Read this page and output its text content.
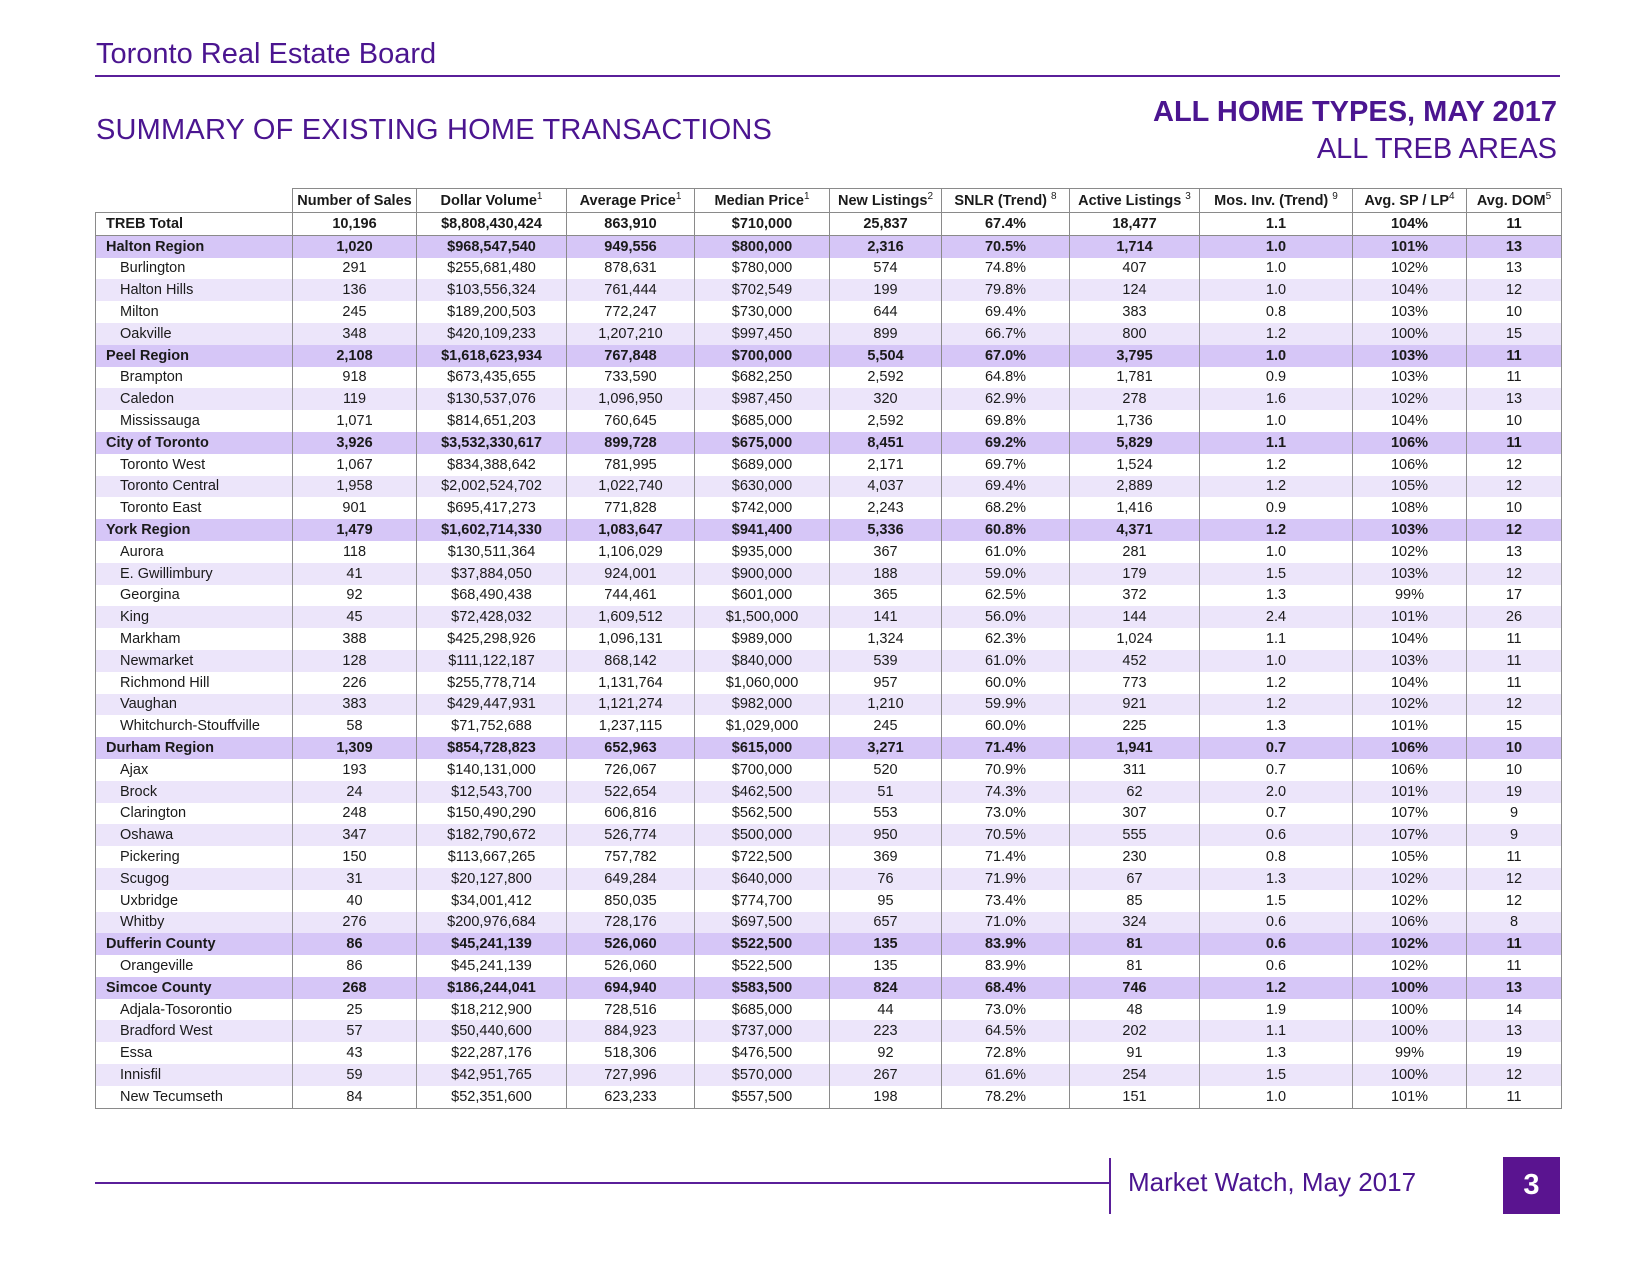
Toronto Real Estate Board
SUMMARY OF EXISTING HOME TRANSACTIONS
ALL HOME TYPES, MAY 2017
ALL TREB AREAS
	Number of Sales	Dollar Volume$^1$	Average Price$^1$	Median Price$^1$	New Listings$^2$	SNLR (Trend) $^8$	Active Listings $^3$	Mos. Inv. (Trend) $^9$	Avg. SP / $LP^4$	Avg. DOM$^5$
TREB Total	10,196	$8,808,430,424	863,910	$710,000	25,837	67.4%	18,477	1.1	104%	11
Halton Region	1,020	$968,547,540	949,556	$800,000	2,316	70.5%	1,714	1.0	101%	13
Burlington	291	$255,681,480	878,631	$780,000	574	74.8%	407	1.0	102%	13
Halton Hills	136	$103,556,324	761,444	$702,549	199	79.8%	124	1.0	104%	12
Milton	245	$189,200,503	772,247	$730,000	644	69.4%	383	0.8	103%	10
Oakville	348	$420,109,233	1,207,210	$997,450	899	66.7%	800	1.2	100%	15
Peel Region	2,108	$1,618,623,934	767,848	$700,000	5,504	67.0%	3,795	1.0	103%	11
Brampton	918	$673,435,655	733,590	$682,250	2,592	64.8%	1,781	0.9	103%	11
Caledon	119	$130,537,076	1,096,950	$987,450	320	62.9%	278	1.6	102%	13
Mississauga	1,071	$814,651,203	760,645	$685,000	2,592	69.8%	1,736	1.0	104%	10
City of Toronto	3,926	$3,532,330,617	899,728	$675,000	8,451	69.2%	5,829	1.1	106%	11
Toronto West	1,067	$834,388,642	781,995	$689,000	2,171	69.7%	1,524	1.2	106%	12
Toronto Central	1,958	$2,002,524,702	1,022,740	$630,000	4,037	69.4%	2,889	1.2	105%	12
Toronto East	901	$695,417,273	771,828	$742,000	2,243	68.2%	1,416	0.9	108%	10
York Region	1,479	$1,602,714,330	1,083,647	$941,400	5,336	60.8%	4,371	1.2	103%	12
Aurora	118	$130,511,364	1,106,029	$935,000	367	61.0%	281	1.0	102%	13
E. Gwillimbury	41	$37,884,050	924,001	$900,000	188	59.0%	179	1.5	103%	12
Georgina	92	$68,490,438	744,461	$601,000	365	62.5%	372	1.3	99%	17
King	45	$72,428,032	1,609,512	$1,500,000	141	56.0%	144	2.4	101%	26
Markham	388	$425,298,926	1,096,131	$989,000	1,324	62.3%	1,024	1.1	104%	11
Newmarket	128	$111,122,187	868,142	$840,000	539	61.0%	452	1.0	103%	11
Richmond Hill	226	$255,778,714	1,131,764	$1,060,000	957	60.0%	773	1.2	104%	11
Vaughan	383	$429,447,931	1,121,274	$982,000	1,210	59.9%	921	1.2	102%	12
Whitchurch-Stouffville	58	$71,752,688	1,237,115	$1,029,000	245	60.0%	225	1.3	101%	15
Durham Region	1,309	$854,728,823	652,963	$615,000	3,271	71.4%	1,941	0.7	106%	10
Ajax	193	$140,131,000	726,067	$700,000	520	70.9%	311	0.7	106%	10
Brock	24	$12,543,700	522,654	$462,500	51	74.3%	62	2.0	101%	19
Clarington	248	$150,490,290	606,816	$562,500	553	73.0%	307	0.7	107%	9
Oshawa	347	$182,790,672	526,774	$500,000	950	70.5%	555	0.6	107%	9
Pickering	150	$113,667,265	757,782	$722,500	369	71.4%	230	0.8	105%	11
Scugog	31	$20,127,800	649,284	$640,000	76	71.9%	67	1.3	102%	12
Uxbridge	40	$34,001,412	850,035	$774,700	95	73.4%	85	1.5	102%	12
Whitby	276	$200,976,684	728,176	$697,500	657	71.0%	324	0.6	106%	8
Dufferin County	86	$45,241,139	526,060	$522,500	135	83.9%	81	0.6	102%	11
Orangeville	86	$45,241,139	526,060	$522,500	135	83.9%	81	0.6	102%	11
Simcoe County	268	$186,244,041	694,940	$583,500	824	68.4%	746	1.2	100%	13
Adjala-Tosorontio	25	$18,212,900	728,516	$685,000	44	73.0%	48	1.9	100%	14
Bradford West	57	$50,440,600	884,923	$737,000	223	64.5%	202	1.1	100%	13
Essa	43	$22,287,176	518,306	$476,500	92	72.8%	91	1.3	99%	19
Innisfil	59	$42,951,765	727,996	$570,000	267	61.6%	254	1.5	100%	12
New Tecumseth	84	$52,351,600	623,233	$557,500	198	78.2%	151	1.0	101%	11
Market Watch, May 2017	3
